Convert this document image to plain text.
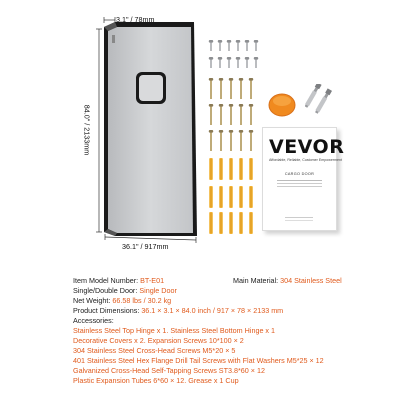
3.1" / 78mm
84.0" / 2133mm
36.1" / 917mm
VEVOR
Affordable, Reliable, Customer Empowerment
CARGO DOOR
Item Model Number: BT-E01	Main Material: 304 Stainless Steel
Single/Double Door: Single Door
Net Weight: 66.58 lbs / 30.2 kg
Product Dimensions: 36.1 × 3.1 × 84.0 inch / 917 × 78 × 2133 mm
Accessories:
Stainless Steel Top Hinge x 1. Stainless Steel Bottom Hinge x 1
Decorative Covers x 2. Expansion Screws 10*100 × 2
304 Stainless Steel Cross-Head Screws M5*20 × 5
401 Stainless Steel Hex Flange Drill Tail Screws with Flat Washers M5*25 × 12
Galvanized Cross-Head Self-Tapping Screws ST3.8*60 × 12
Plastic Expansion Tubes 6*60 × 12. Grease x 1 Cup
